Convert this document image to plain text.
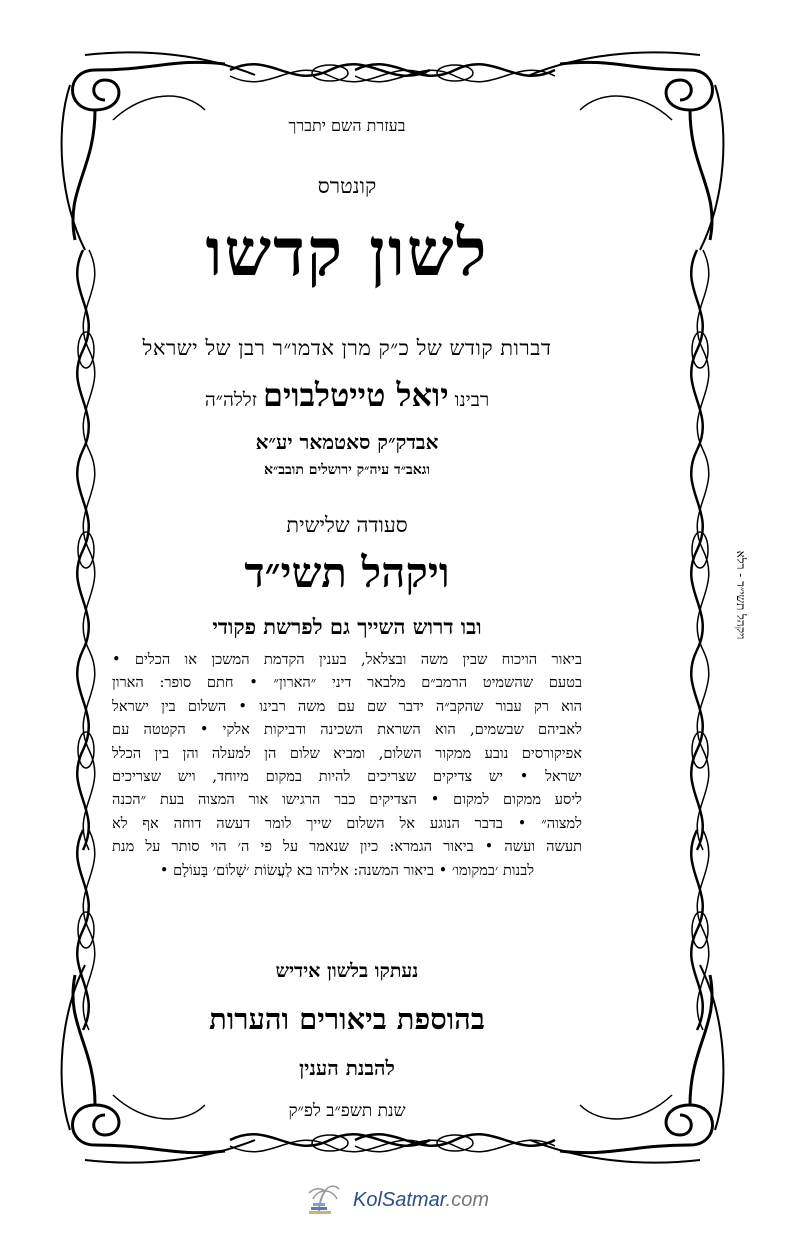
בעזרת השם יתברך
קונטרס
לשון קדשו
דברות קודש של כ״ק מרן אדמו״ר רבן של ישראל
רבינו יואל טייטלבוים זללה״ה
אבדק״ק סאטמאר יע״א
וגאב״ד עיה״ק ירושלים תובב״א
סעודה שלישית
ויקהל תשי״ד
ובו דרוש השייך גם לפרשת פקודי
ביאור הויכוח שבין משה ובצלאל, בענין הקדמת המשכן או הכלים •
בטעם שהשמיט הרמב״ם מלבאר דיני ״הארון״ • חתם סופר: הארון
הוא רק עבור שהקב״ה ידבר שם עם משה רבינו • השלום בין ישראל
לאביהם שבשמים, הוא השראת השכינה ודביקות אלקי • הקטטה עם
אפיקורסים נובע ממקור השלום, ומביא שלום הן למעלה והן בין הכלל
ישראל • יש צדיקים שצריכים להיות במקום מיוחד, ויש שצריכים
ליסע ממקום למקום • הצדיקים כבר הרגישו אור המצוה בעת ״הכנה
למצוה״ • בדבר הנוגע אל השלום שייך לומר דעשה דוחה אף לא
תעשה ועשה • ביאור הגמרא: כיון שנאמר על פי ה׳ הוי סותר על מנת
לבנות ׳במקומו׳ • ביאור המשנה: אליהו בא לַעֲשׂוֹת ׳שָׁלוֹם׳ בָּעוֹלָם •
נעתקו בלשון אידיש
בהוספת ביאורים והערות
להבנת הענין
שנת תשפ״ב לפ״ק
ויקהל תשי״ד - רלא
KolSatmar.com
